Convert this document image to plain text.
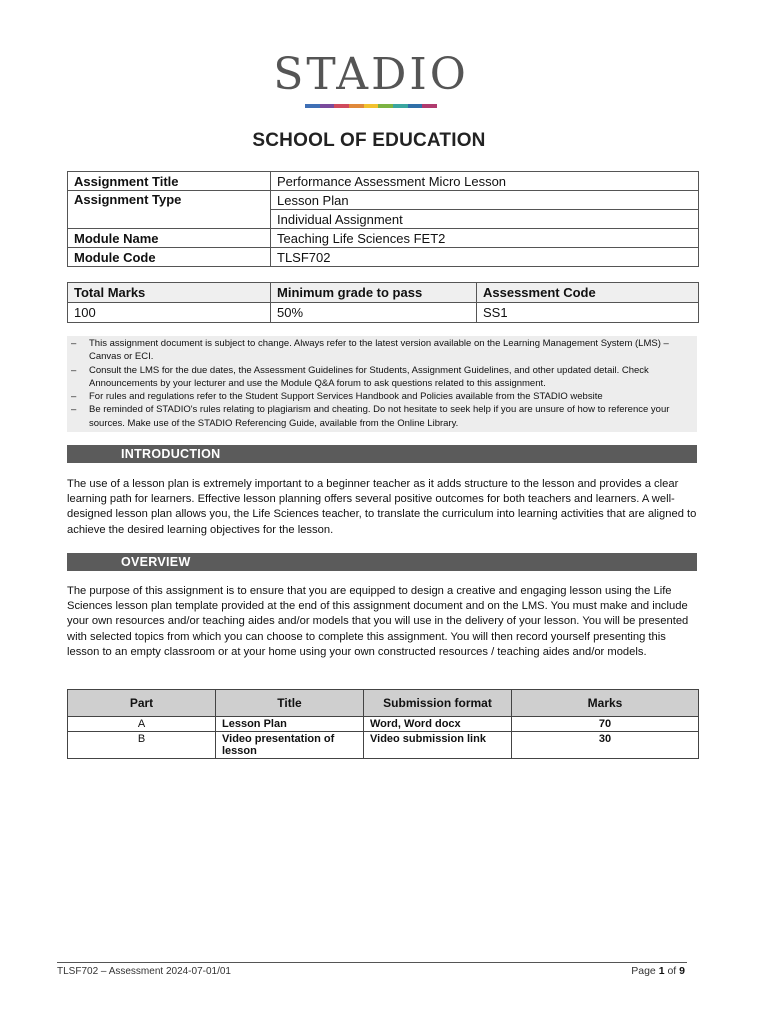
STADIO
SCHOOL OF EDUCATION
Assignment Title	Performance Assessment Micro Lesson
Assignment Type	Lesson Plan
	Individual Assignment
Module Name	Teaching Life Sciences FET2
Module Code	TLSF702
Total Marks	Minimum grade to pass	Assessment Code
100	50%	SS1
–	This assignment document is subject to change. Always refer to the latest version available on the Learning Management System (LMS) – Canvas or ECI.
–	Consult the LMS for the due dates, the Assessment Guidelines for Students, Assignment Guidelines, and other updated detail. Check Announcements by your lecturer and use the Module Q&A forum to ask questions related to this assignment.
–	For rules and regulations refer to the Student Support Services Handbook and Policies available from the STADIO website
–	Be reminded of STADIO's rules relating to plagiarism and cheating. Do not hesitate to seek help if you are unsure of how to reference your sources. Make use of the STADIO Referencing Guide, available from the Online Library.
INTRODUCTION
The use of a lesson plan is extremely important to a beginner teacher as it adds structure to the lesson and provides a clear learning path for learners. Effective lesson planning offers several positive outcomes for both teachers and learners. A well-designed lesson plan allows you, the Life Sciences teacher, to translate the curriculum into learning activities that are aligned to achieve the desired learning objectives for the lesson.
OVERVIEW
The purpose of this assignment is to ensure that you are equipped to design a creative and engaging lesson using the Life Sciences lesson plan template provided at the end of this assignment document and on the LMS. You must make and include your own resources and/or teaching aides and/or models that you will use in the delivery of your lesson. You will be presented with selected topics from which you can choose to complete this assignment. You will then record yourself presenting this lesson to an empty classroom or at your home using your own constructed resources / teaching aides and/or models.
Part	Title	Submission format	Marks
A	Lesson Plan	Word, Word docx	70
B	Video presentation of lesson	Video submission link	30
TLSF702 – Assessment 2024-07-01/01	Page 1 of 9
